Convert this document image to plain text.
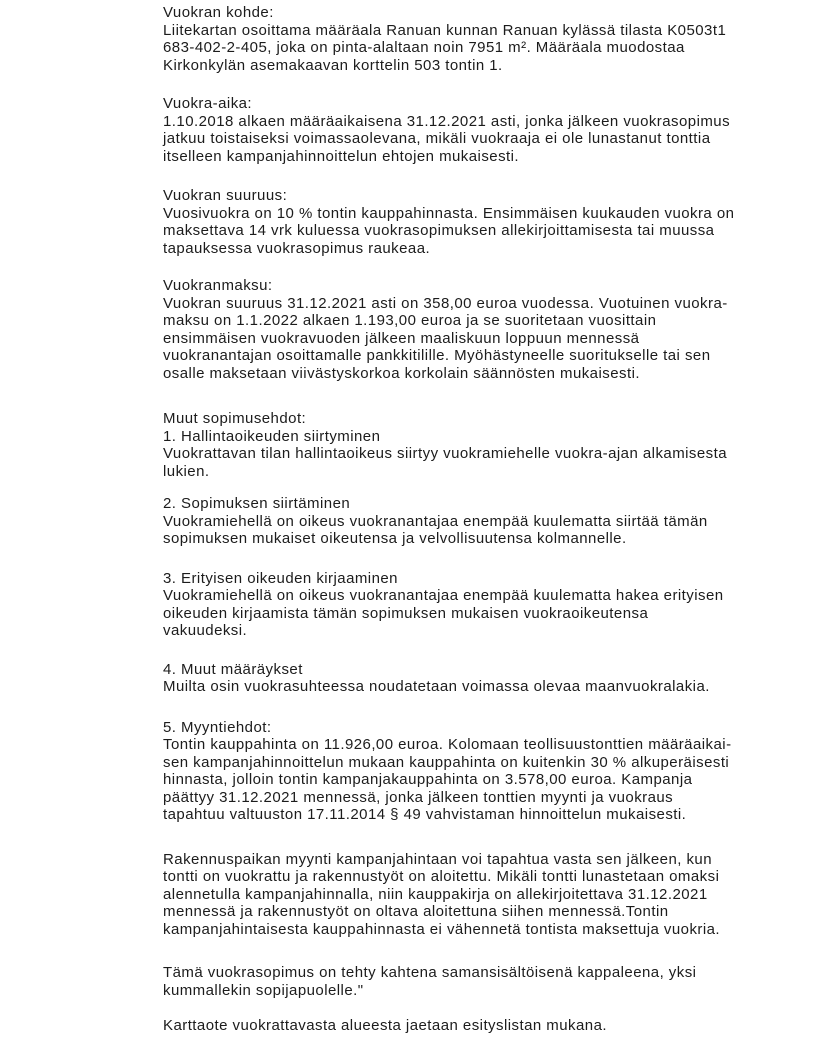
Vuokran kohde:
Liitekartan osoittama määräala Ranuan kunnan Ranuan kylässä tilasta K0503t1
683-402-2-405, joka on pinta-alaltaan noin 7951 m². Määräala muodostaa
Kirkonkylän asemakaavan korttelin 503 tontin 1.
Vuokra-aika:
1.10.2018 alkaen määräaikaisena 31.12.2021 asti, jonka jälkeen vuokrasopimus
jatkuu toistaiseksi voimassaolevana, mikäli vuokraaja ei ole lunastanut tonttia
itselleen kampanjahinnoittelun ehtojen mukaisesti.
Vuokran suuruus:
Vuosivuokra on 10 % tontin kauppahinnasta. Ensimmäisen kuukauden vuokra on
maksettava 14 vrk kuluessa vuokrasopimuksen allekirjoittamisesta tai muussa
tapauksessa vuokrasopimus raukeaa.
Vuokranmaksu:
Vuokran suuruus 31.12.2021 asti on 358,00 euroa vuodessa. Vuotuinen vuokra-
maksu on 1.1.2022 alkaen 1.193,00 euroa ja se suoritetaan vuosittain
ensimmäisen vuokravuoden jälkeen maaliskuun loppuun mennessä
vuokranantajan osoittamalle pankkitilille. Myöhästyneelle suoritukselle tai sen
osalle maksetaan viivästyskorkoa korkolain säännösten mukaisesti.
Muut sopimusehdot:
1. Hallintaoikeuden siirtyminen
Vuokrattavan tilan hallintaoikeus siirtyy vuokramiehelle vuokra-ajan alkamisesta
lukien.
2. Sopimuksen siirtäminen
Vuokramiehellä on oikeus vuokranantajaa enempää kuulematta siirtää tämän
sopimuksen mukaiset oikeutensa ja velvollisuutensa kolmannelle.
3. Erityisen oikeuden kirjaaminen
Vuokramiehellä on oikeus vuokranantajaa enempää kuulematta hakea erityisen
oikeuden kirjaamista tämän sopimuksen mukaisen vuokraoikeutensa
vakuudeksi.
4. Muut määräykset
Muilta osin vuokrasuhteessa noudatetaan voimassa olevaa maanvuokralakia.
5. Myyntiehdot:
Tontin kauppahinta on 11.926,00 euroa. Kolomaan teollisuustonttien määräaikai-
sen kampanjahinnoittelun mukaan kauppahinta on kuitenkin 30 % alkuperäisesti
hinnasta, jolloin tontin kampanjakauppahinta on 3.578,00 euroa. Kampanja
päättyy 31.12.2021 mennessä, jonka jälkeen tonttien myynti ja vuokraus
tapahtuu valtuuston 17.11.2014 § 49 vahvistaman hinnoittelun mukaisesti.
Rakennuspaikan myynti kampanjahintaan voi tapahtua vasta sen jälkeen, kun
tontti on vuokrattu ja rakennustyöt on aloitettu. Mikäli tontti lunastetaan omaksi
alennetulla kampanjahinnalla, niin kauppakirja on allekirjoitettava 31.12.2021
mennessä ja rakennustyöt on oltava aloitettuna siihen mennessä.Tontin
kampanjahintaisesta kauppahinnasta ei vähennetä tontista maksettuja vuokria.
Tämä vuokrasopimus on tehty kahtena samansisältöisenä kappaleena, yksi
kummallekin sopijapuolelle."
Karttaote vuokrattavasta alueesta jaetaan esityslistan mukana.
